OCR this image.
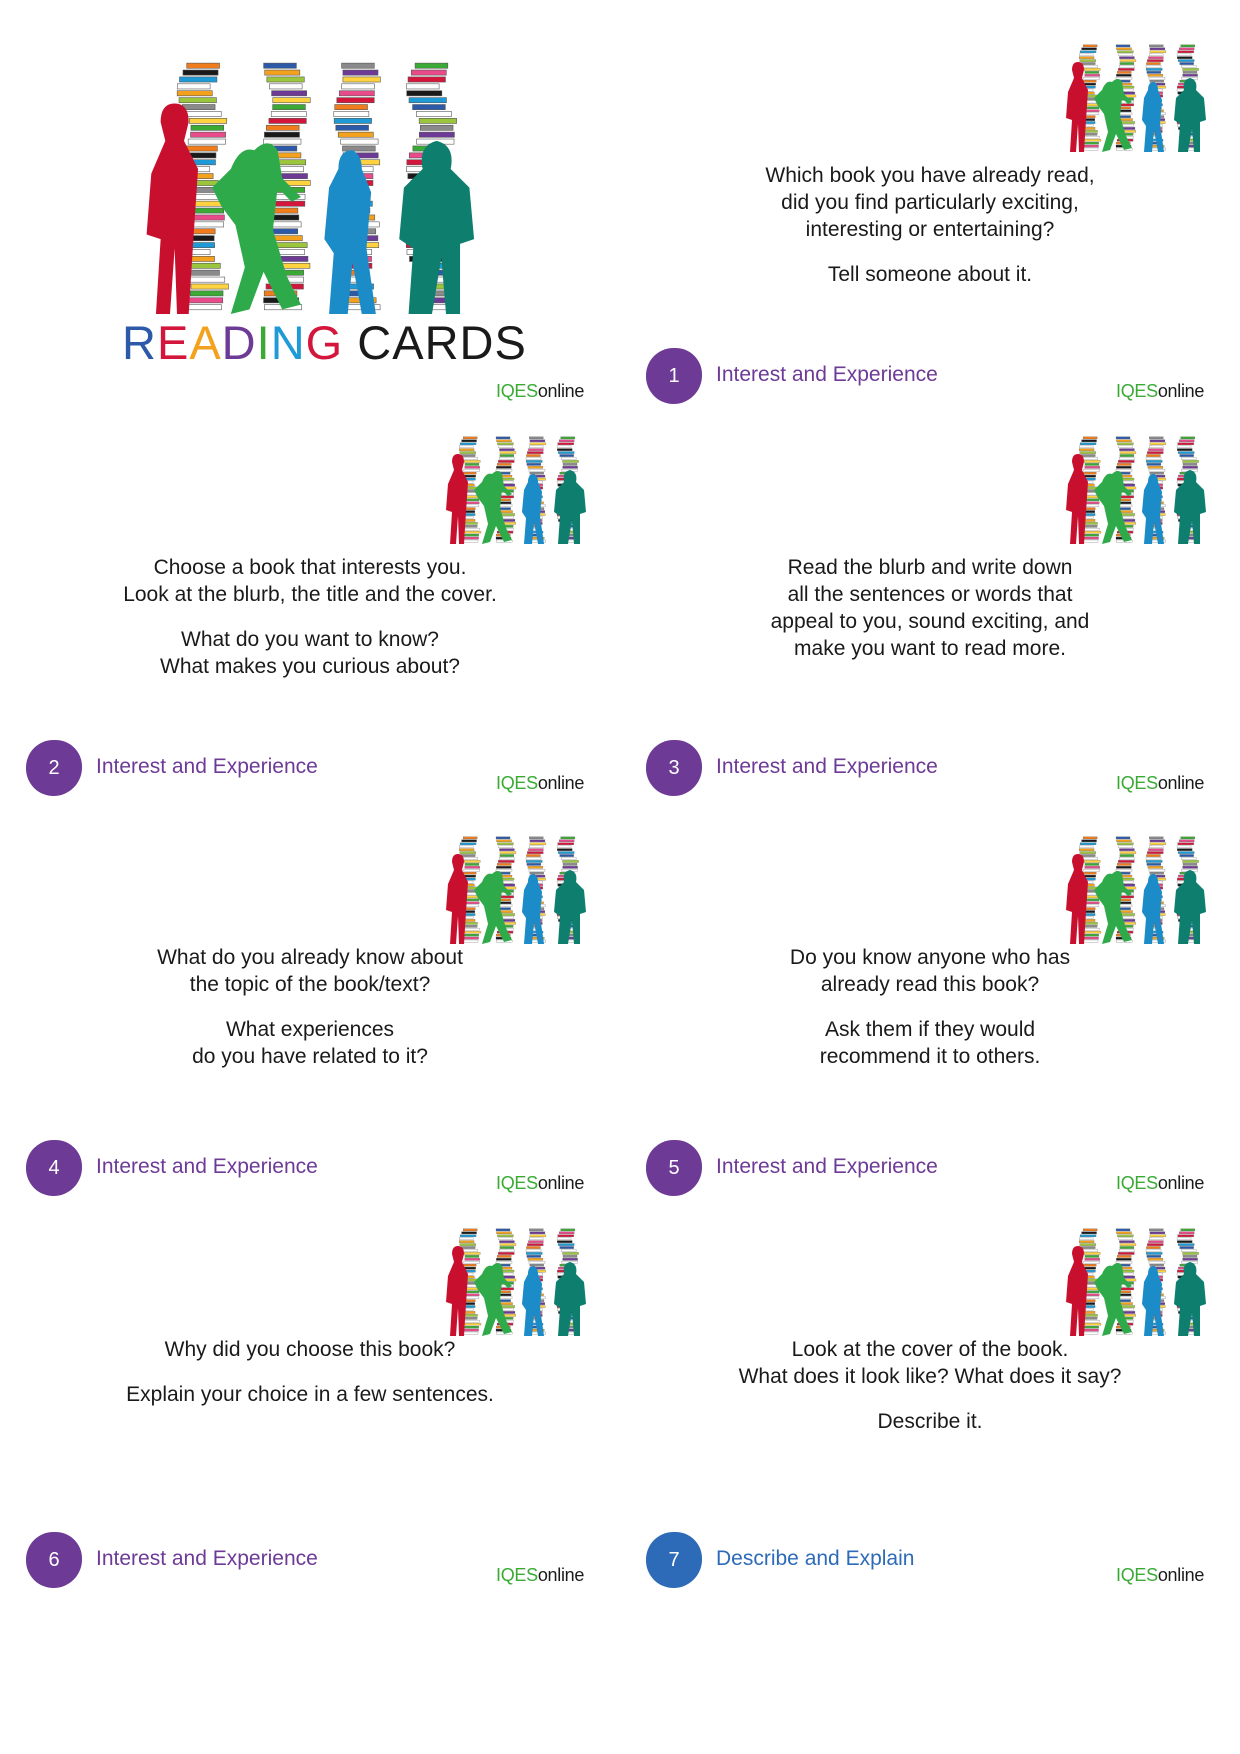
READING CARDS
IQESonline

Which book you have already read,
did you find particularly exciting,
interesting or entertaining?

Tell someone about it.

1	Interest and Experience
IQESonline

Choose a book that interests you.
Look at the blurb, the title and the cover.

What do you want to know?
What makes you curious about?

2	Interest and Experience
IQESonline

Read the blurb and write down
all the sentences or words that
appeal to you, sound exciting, and
make you want to read more.

3	Interest and Experience
IQESonline

What do you already know about
the topic of the book/text?

What experiences
do you have related to it?

4	Interest and Experience
IQESonline

Do you know anyone who has
already read this book?

Ask them if they would
recommend it to others.

5	Interest and Experience
IQESonline

Why did you choose this book?

Explain your choice in a few sentences.

6	Interest and Experience
IQESonline

Look at the cover of the book.
What does it look like? What does it say?

Describe it.

7	Describe and Explain
IQESonline
